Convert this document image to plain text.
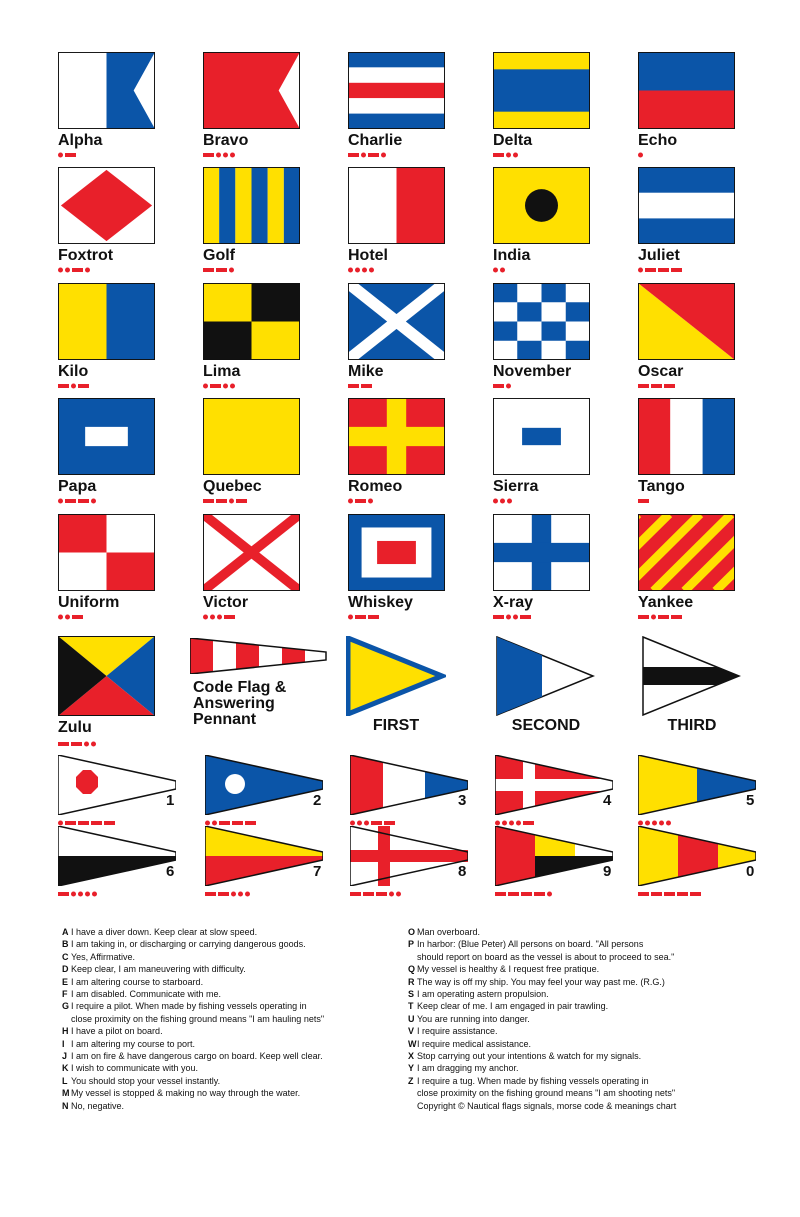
Alpha	Bravo	Charlie	Delta	Echo
Foxtrot	Golf	Hotel	India	Juliet
Kilo	Lima	Mike	November	Oscar
Papa	Quebec	Romeo	Sierra	Tango
Uniform	Victor	Whiskey	X-ray	Yankee
Zulu
Code Flag & Answering Pennant	FIRST	SECOND	THIRD
1	2	3	4	5
6	7	8	9	0
A I have a diver down. Keep clear at slow speed.
B I am taking in, or discharging or carrying dangerous goods.
C Yes, Affirmative.
D Keep clear, I am maneuvering with difficulty.
E I am altering course to starboard.
F I am disabled. Communicate with me.
G I require a pilot. When made by fishing vessels operating in
close proximity on the fishing ground means "I am hauling nets"
H I have a pilot on board.
I I am altering my course to port.
J I am on fire & have dangerous cargo on board. Keep well clear.
K I wish to communicate with you.
L You should stop your vessel instantly.
M My vessel is stopped & making no way through the water.
N No, negative.
O Man overboard.
P In harbor: (Blue Peter) All persons on board. "All persons
should report on board as the vessel is about to proceed to sea."
Q My vessel is healthy & I request free pratique.
R The way is off my ship. You may feel your way past me. (R.G.)
S I am operating astern propulsion.
T Keep clear of me. I am engaged in pair trawling.
U You are running into danger.
V I require assistance.
WI require medical assistance.
X Stop carrying out your intentions & watch for my signals.
Y I am dragging my anchor.
Z I require a tug. When made by fishing vessels operating in
close proximity on the fishing ground means "I am shooting nets"
Copyright © Nautical flags signals, morse code & meanings chart
